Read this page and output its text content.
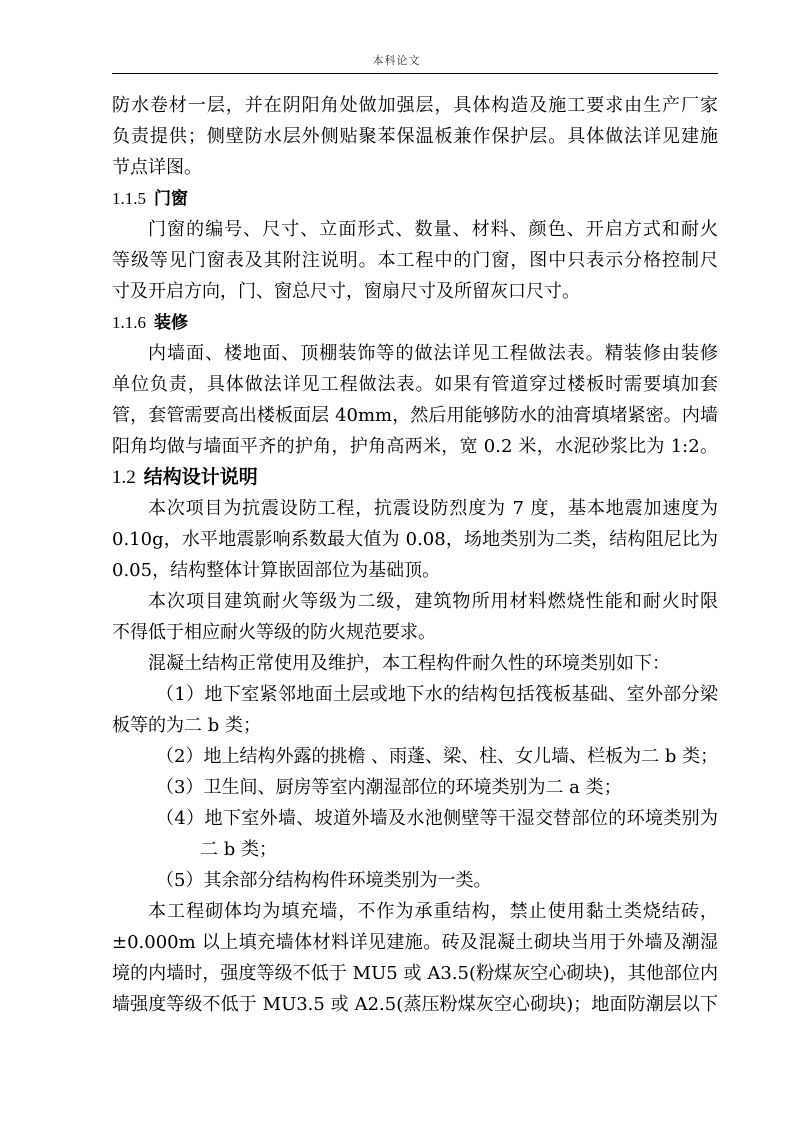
本科论文
防水卷材一层，并在阴阳角处做加强层，具体构造及施工要求由生产厂家
负责提供；侧壁防水层外侧贴聚苯保温板兼作保护层。具体做法详见建施
节点详图。
1.1.5 门窗
门窗的编号、尺寸、立面形式、数量、材料、颜色、开启方式和耐火
等级等见门窗表及其附注说明。本工程中的门窗，图中只表示分格控制尺
寸及开启方向，门、窗总尺寸，窗扇尺寸及所留灰口尺寸。
1.1.6 装修
内墙面、楼地面、顶棚装饰等的做法详见工程做法表。精装修由装修
单位负责，具体做法详见工程做法表。如果有管道穿过楼板时需要填加套
管，套管需要高出楼板面层 40mm，然后用能够防水的油膏填堵紧密。内墙
阳角均做与墙面平齐的护角，护角高两米，宽 0.2 米，水泥砂浆比为 1:2。
1.2 结构设计说明
本次项目为抗震设防工程，抗震设防烈度为 7 度，基本地震加速度为
0.10g，水平地震影响系数最大值为 0.08，场地类别为二类，结构阻尼比为
0.05，结构整体计算嵌固部位为基础顶。
本次项目建筑耐火等级为二级，建筑物所用材料燃烧性能和耐火时限
不得低于相应耐火等级的防火规范要求。
混凝土结构正常使用及维护，本工程构件耐久性的环境类别如下：
（1）地下室紧邻地面土层或地下水的结构包括筏板基础、室外部分梁
板等的为二 b 类；
（2）地上结构外露的挑檐 、雨蓬、梁、柱、女儿墙、栏板为二 b 类；
（3）卫生间、厨房等室内潮湿部位的环境类别为二 a 类；
（4）地下室外墙、坡道外墙及水池侧壁等干湿交替部位的环境类别为
二 b 类；
（5）其余部分结构构件环境类别为一类。
本工程砌体均为填充墙，不作为承重结构，禁止使用黏土类烧结砖，
±0.000m 以上填充墙体材料详见建施。砖及混凝土砌块当用于外墙及潮湿
境的内墙时，强度等级不低于 MU5 或 A3.5(粉煤灰空心砌块)，其他部位内
墙强度等级不低于 MU3.5 或 A2.5(蒸压粉煤灰空心砌块)；地面防潮层以下
